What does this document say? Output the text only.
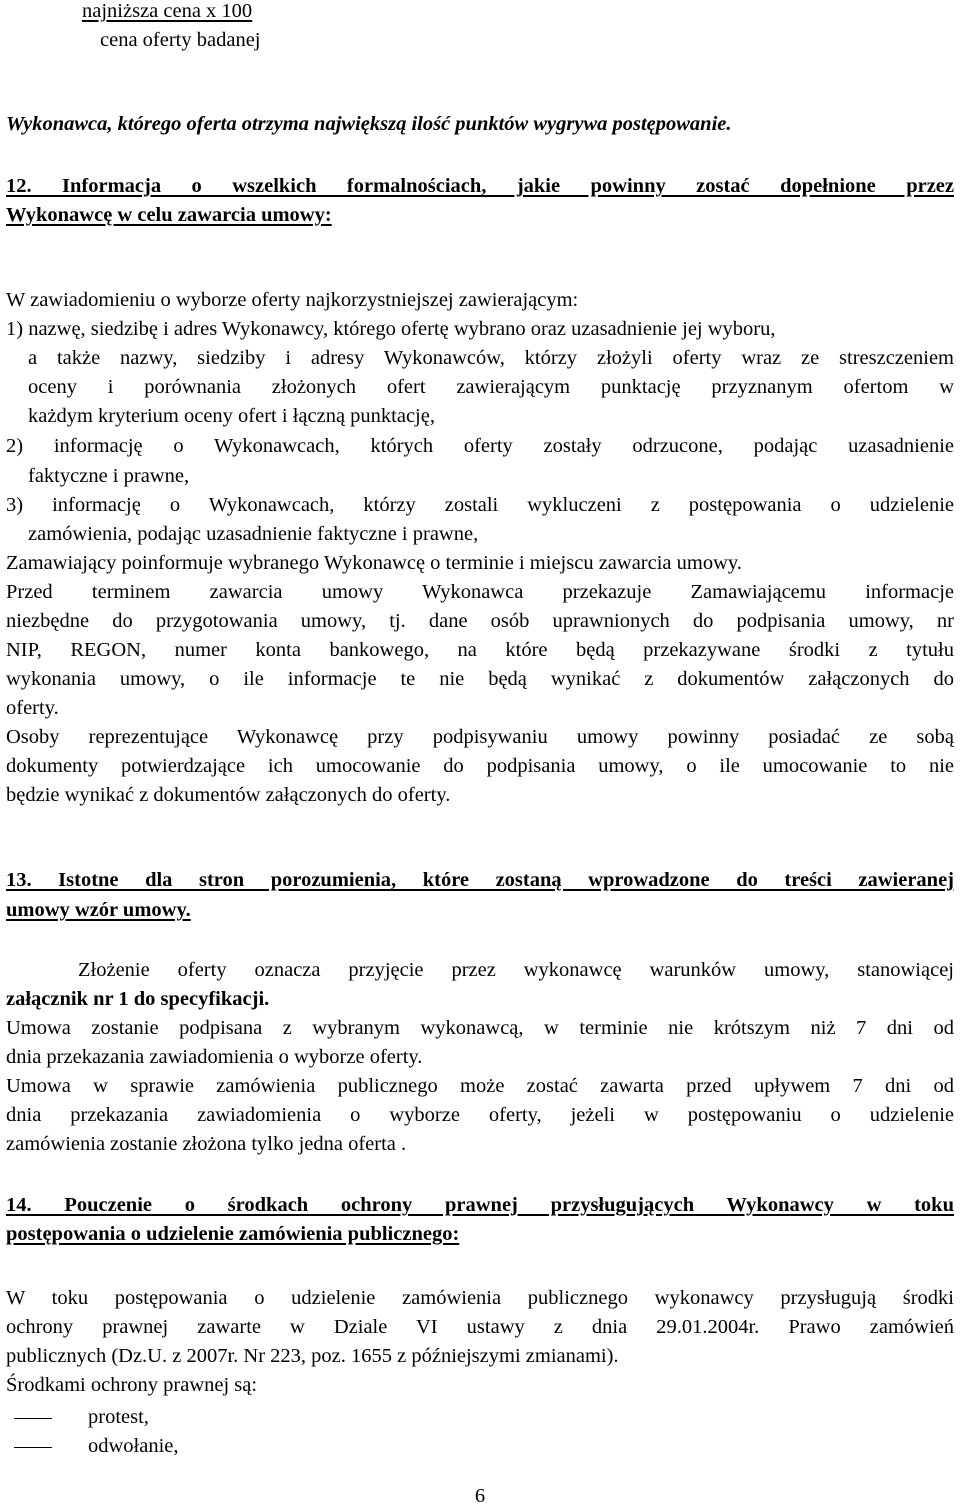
najniższa cena x 100
cena oferty badanej
Wykonawca, którego oferta otrzyma największą ilość punktów wygrywa postępowanie.
12. Informacja o wszelkich formalnościach, jakie powinny zostać dopełnione przez
Wykonawcę w celu zawarcia umowy:
W zawiadomieniu o wyborze oferty najkorzystniejszej zawierającym:
1) nazwę, siedzibę i adres Wykonawcy, którego ofertę wybrano oraz uzasadnienie jej wyboru,
a także nazwy, siedziby i adresy Wykonawców, którzy złożyli oferty wraz ze streszczeniem
oceny i porównania złożonych ofert zawierającym punktację przyznanym ofertom w
każdym kryterium oceny ofert i łączną punktację,
2) informację o Wykonawcach, których oferty zostały odrzucone, podając uzasadnienie
faktyczne i prawne,
3) informację o Wykonawcach, którzy zostali wykluczeni z postępowania o udzielenie
zamówienia, podając uzasadnienie faktyczne i prawne,
Zamawiający poinformuje wybranego Wykonawcę o terminie i miejscu zawarcia umowy.
Przed terminem zawarcia umowy Wykonawca przekazuje Zamawiającemu informacje
niezbędne do przygotowania umowy, tj. dane osób uprawnionych do podpisania umowy, nr
NIP, REGON, numer konta bankowego, na które będą przekazywane środki z tytułu
wykonania umowy, o ile informacje te nie będą wynikać z dokumentów załączonych do
oferty.
Osoby reprezentujące Wykonawcę przy podpisywaniu umowy powinny posiadać ze sobą
dokumenty potwierdzające ich umocowanie do podpisania umowy, o ile umocowanie to nie
będzie wynikać z dokumentów załączonych do oferty.
13. Istotne dla stron porozumienia, które zostaną wprowadzone do treści zawieranej
umowy wzór umowy.
Złożenie oferty oznacza przyjęcie przez wykonawcę warunków umowy, stanowiącej
załącznik nr 1 do specyfikacji.
Umowa zostanie podpisana z wybranym wykonawcą, w terminie nie krótszym niż 7 dni od
dnia przekazania zawiadomienia o wyborze oferty.
Umowa w sprawie zamówienia publicznego może zostać zawarta przed upływem 7 dni od
dnia przekazania zawiadomienia o wyborze oferty, jeżeli w postępowaniu o udzielenie
zamówienia zostanie złożona tylko jedna oferta .
14. Pouczenie o środkach ochrony prawnej przysługujących Wykonawcy w toku
postępowania o udzielenie zamówienia publicznego:
W toku postępowania o udzielenie zamówienia publicznego wykonawcy przysługują środki
ochrony prawnej zawarte w Dziale VI ustawy z dnia 29.01.2004r. Prawo zamówień
publicznych (Dz.U. z 2007r. Nr 223, poz. 1655 z późniejszymi zmianami).
Środkami ochrony prawnej są:
protest,
odwołanie,
6
